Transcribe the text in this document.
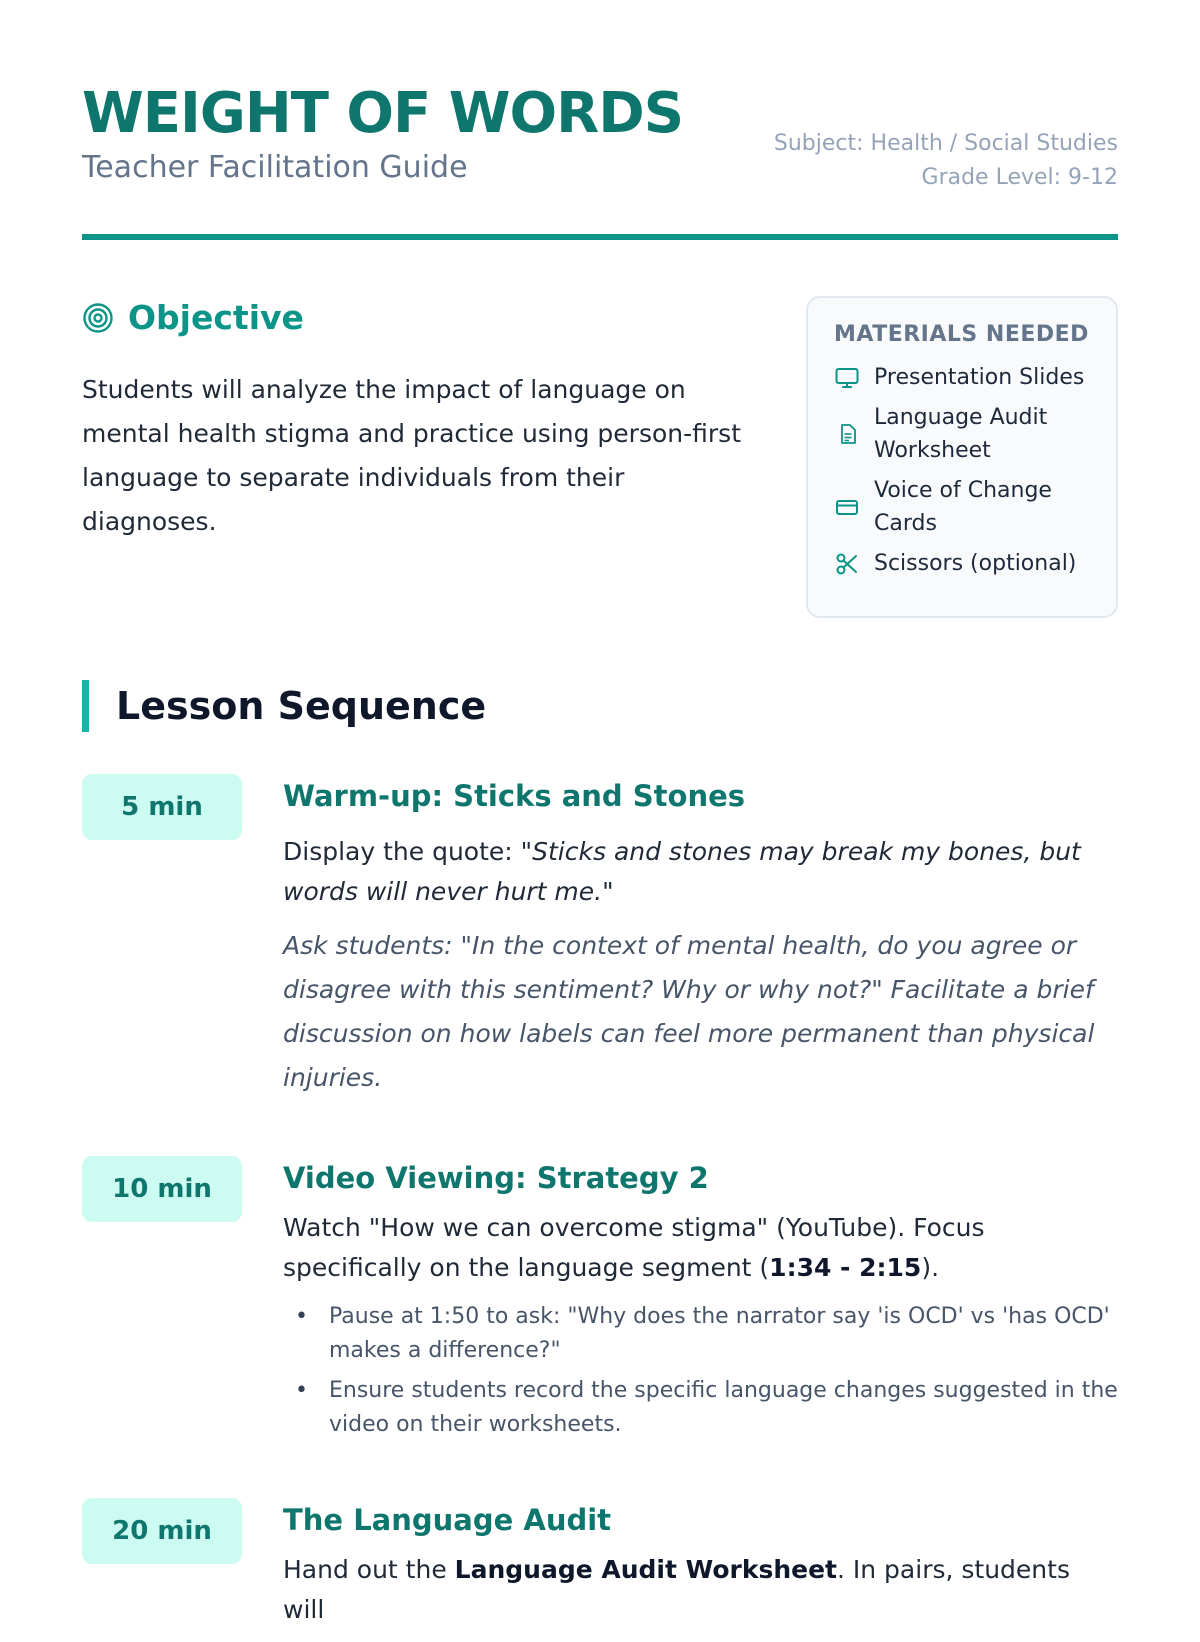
WEIGHT OF WORDS
Teacher Facilitation Guide
Subject: Health / Social Studies
Grade Level: 9-12
Objective

Students will analyze the impact of language on mental health stigma and practice using person-first language to separate individuals from their diagnoses.

MATERIALS NEEDED
Presentation Slides
Language Audit Worksheet
Voice of Change Cards
Scissors (optional)
Lesson Sequence
5 min	Warm-up: Sticks and Stones

Display the quote: "Sticks and stones may break my bones, but words will never hurt me."

Ask students: "In the context of mental health, do you agree or disagree with this sentiment? Why or why not?" Facilitate a brief discussion on how labels can feel more permanent than physical injuries.

10 min	Video Viewing: Strategy 2

Watch "How we can overcome stigma" (YouTube). Focus specifically on the language segment (1:34 - 2:15).

• Pause at 1:50 to ask: "Why does the narrator say 'is OCD' vs 'has OCD' makes a difference?"
• Ensure students record the specific language changes suggested in the video on their worksheets.
20 min	The Language Audit

Hand out the Language Audit Worksheet. In pairs, students will
